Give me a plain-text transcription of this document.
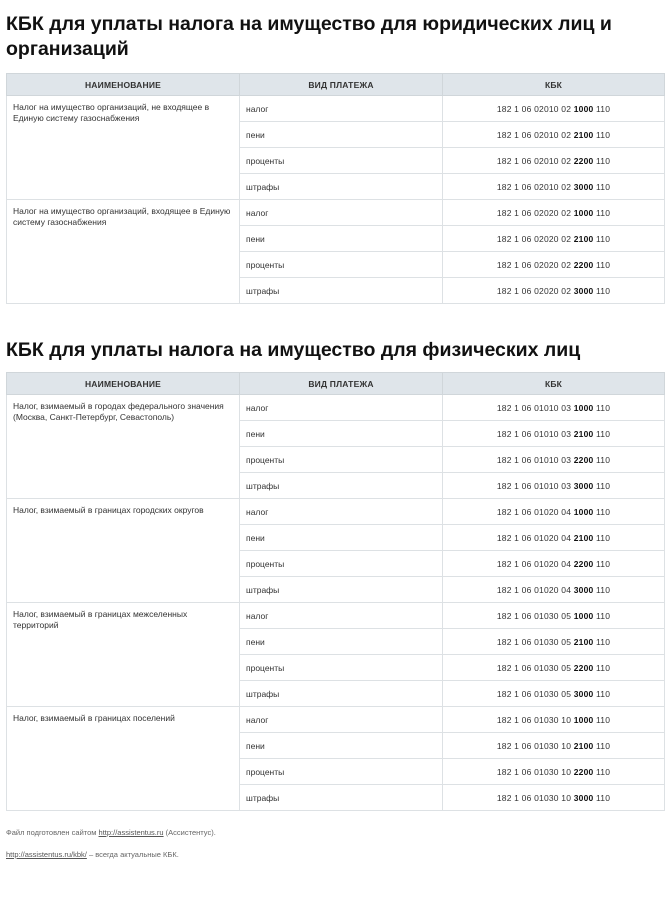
КБК для уплаты налога на имущество для юридических лиц и организаций
НАИМЕНОВАНИЕ	ВИД ПЛАТЕЖА	КБК
Налог на имущество организаций, не входящее в Единую систему газоснабжения	налог	182 1 06 02010 02 1000 110
	пени	182 1 06 02010 02 2100 110
	проценты	182 1 06 02010 02 2200 110
	штрафы	182 1 06 02010 02 3000 110
Налог на имущество организаций, входящее в Единую систему газоснабжения	налог	182 1 06 02020 02 1000 110
	пени	182 1 06 02020 02 2100 110
	проценты	182 1 06 02020 02 2200 110
	штрафы	182 1 06 02020 02 3000 110
КБК для уплаты налога на имущество для физических лиц
НАИМЕНОВАНИЕ	ВИД ПЛАТЕЖА	КБК
Налог, взимаемый в городах федерального значения (Москва, Санкт-Петербург, Севастополь)	налог	182 1 06 01010 03 1000 110
	пени	182 1 06 01010 03 2100 110
	проценты	182 1 06 01010 03 2200 110
	штрафы	182 1 06 01010 03 3000 110
Налог, взимаемый в границах городских округов	налог	182 1 06 01020 04 1000 110
	пени	182 1 06 01020 04 2100 110
	проценты	182 1 06 01020 04 2200 110
	штрафы	182 1 06 01020 04 3000 110
Налог, взимаемый в границах межселенных территорий	налог	182 1 06 01030 05 1000 110
	пени	182 1 06 01030 05 2100 110
	проценты	182 1 06 01030 05 2200 110
	штрафы	182 1 06 01030 05 3000 110
Налог, взимаемый в границах поселений	налог	182 1 06 01030 10 1000 110
	пени	182 1 06 01030 10 2100 110
	проценты	182 1 06 01030 10 2200 110
	штрафы	182 1 06 01030 10 3000 110

Файл подготовлен сайтом http://assistentus.ru (Ассистентус).

http://assistentus.ru/kbk/ – всегда актуальные КБК.
